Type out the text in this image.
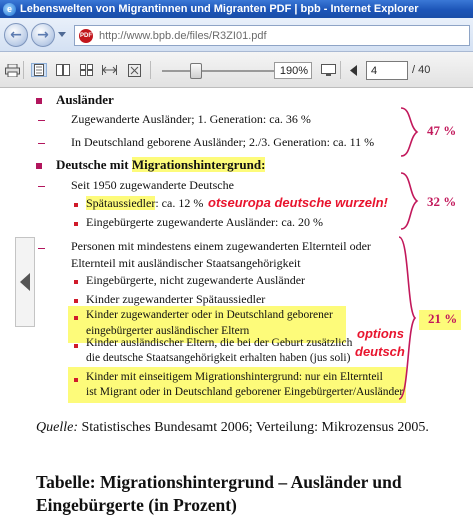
e Lebenswelten von Migrantinnen und Migranten PDF | bpb - Internet Explorer
← →	PDF http://www.bpb.de/files/R3ZI01.pdf
190%	4	/ 40
Ausländer
Zugewanderte Ausländer; 1. Generation: ca. 36 %
In Deutschland geborene Ausländer; 2./3. Generation: ca. 11 %
47 %
Deutsche mit Migrationshintergrund:
Seit 1950 zugewanderte Deutsche
Spätaussiedler: ca. 12 %
Eingebürgerte zugewanderte Ausländer: ca. 20 %
otseuropa deutsche wurzeln!	32 %
Personen mit mindestens einem zugewanderten Elternteil oder
Elternteil mit ausländischer Staatsangehörigkeit
Eingebürgerte, nicht zugewanderte Ausländer
Kinder zugewanderter Spätaussiedler
Kinder zugewanderter oder in Deutschland geborener
eingebürgerter ausländischer Eltern
Kinder ausländischer Eltern, die bei der Geburt zusätzlich
die deutsche Staatsangehörigkeit erhalten haben (jus soli)
Kinder mit einseitigem Migrationshintergrund: nur ein Elternteil
ist Migrant oder in Deutschland geborener Eingebürgerter/Ausländer
21 %
options
deutsch
Quelle: Statistisches Bundesamt 2006; Verteilung: Mikrozensus 2005.
Tabelle: Migrationshintergrund – Ausländer und
Eingebürgerte (in Prozent)
